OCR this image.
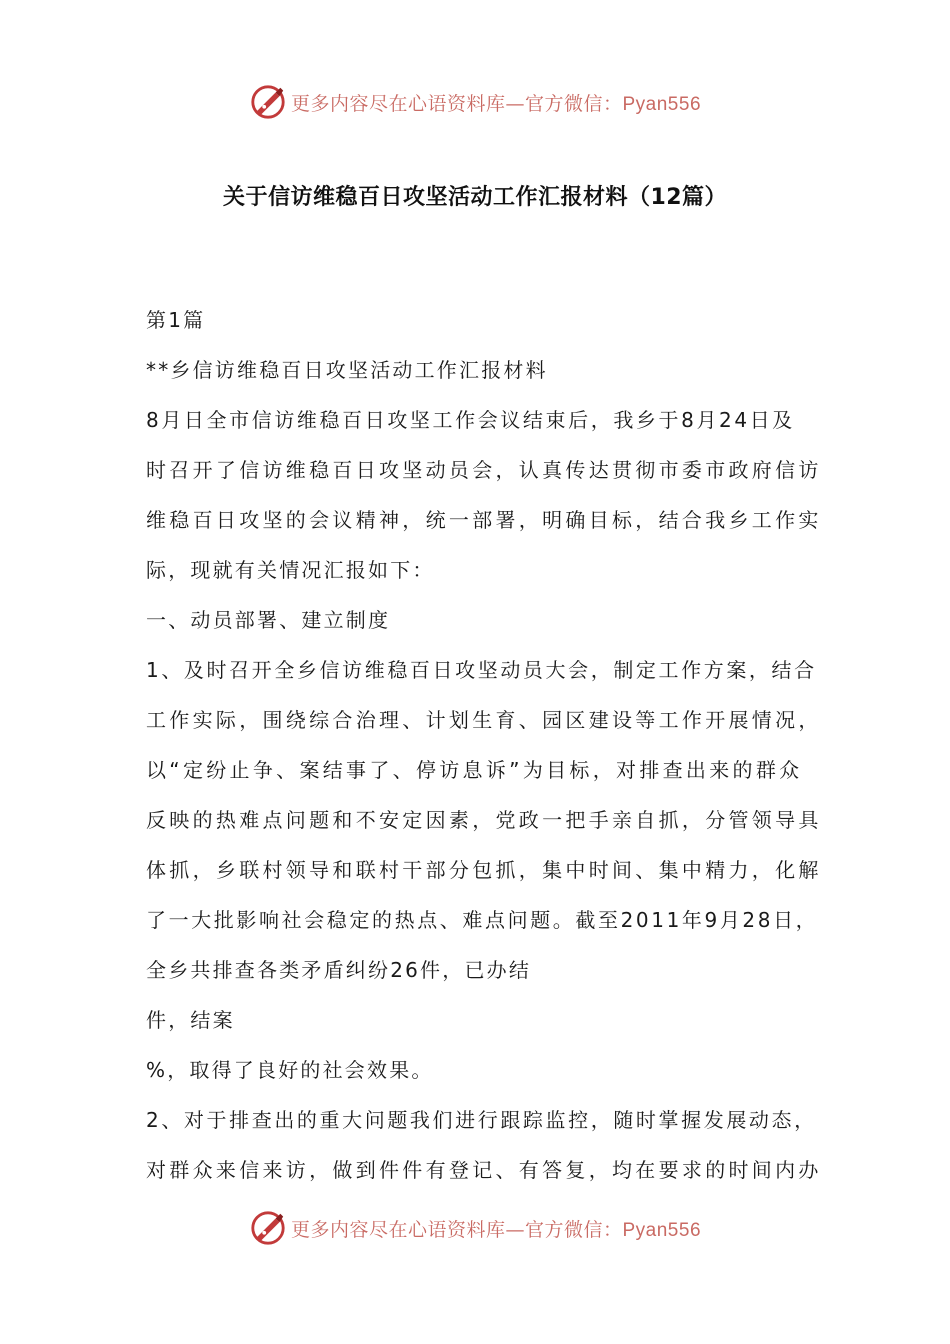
更多内容尽在心语资料库—官方微信：Pyan556
关于信访维稳百日攻坚活动工作汇报材料（12篇）

第1篇

**乡信访维稳百日攻坚活动工作汇报材料

8月日全市信访维稳百日攻坚工作会议结束后，我乡于8月24日及

时召开了信访维稳百日攻坚动员会，认真传达贯彻市委市政府信访

维稳百日攻坚的会议精神，统一部署，明确目标，结合我乡工作实

际，现就有关情况汇报如下：

一、动员部署、建立制度

1、及时召开全乡信访维稳百日攻坚动员大会，制定工作方案，结合

工作实际，围绕综合治理、计划生育、园区建设等工作开展情况，

以“定纷止争、案结事了、停访息诉”为目标，对排查出来的群众

反映的热难点问题和不安定因素，党政一把手亲自抓，分管领导具

体抓，乡联村领导和联村干部分包抓，集中时间、集中精力，化解

了一大批影响社会稳定的热点、难点问题。截至2011年9月28日，

全乡共排查各类矛盾纠纷26件，已办结

件，结案

%，取得了良好的社会效果。

2、对于排查出的重大问题我们进行跟踪监控，随时掌握发展动态，

对群众来信来访，做到件件有登记、有答复，均在要求的时间内办

更多内容尽在心语资料库—官方微信：Pyan556
